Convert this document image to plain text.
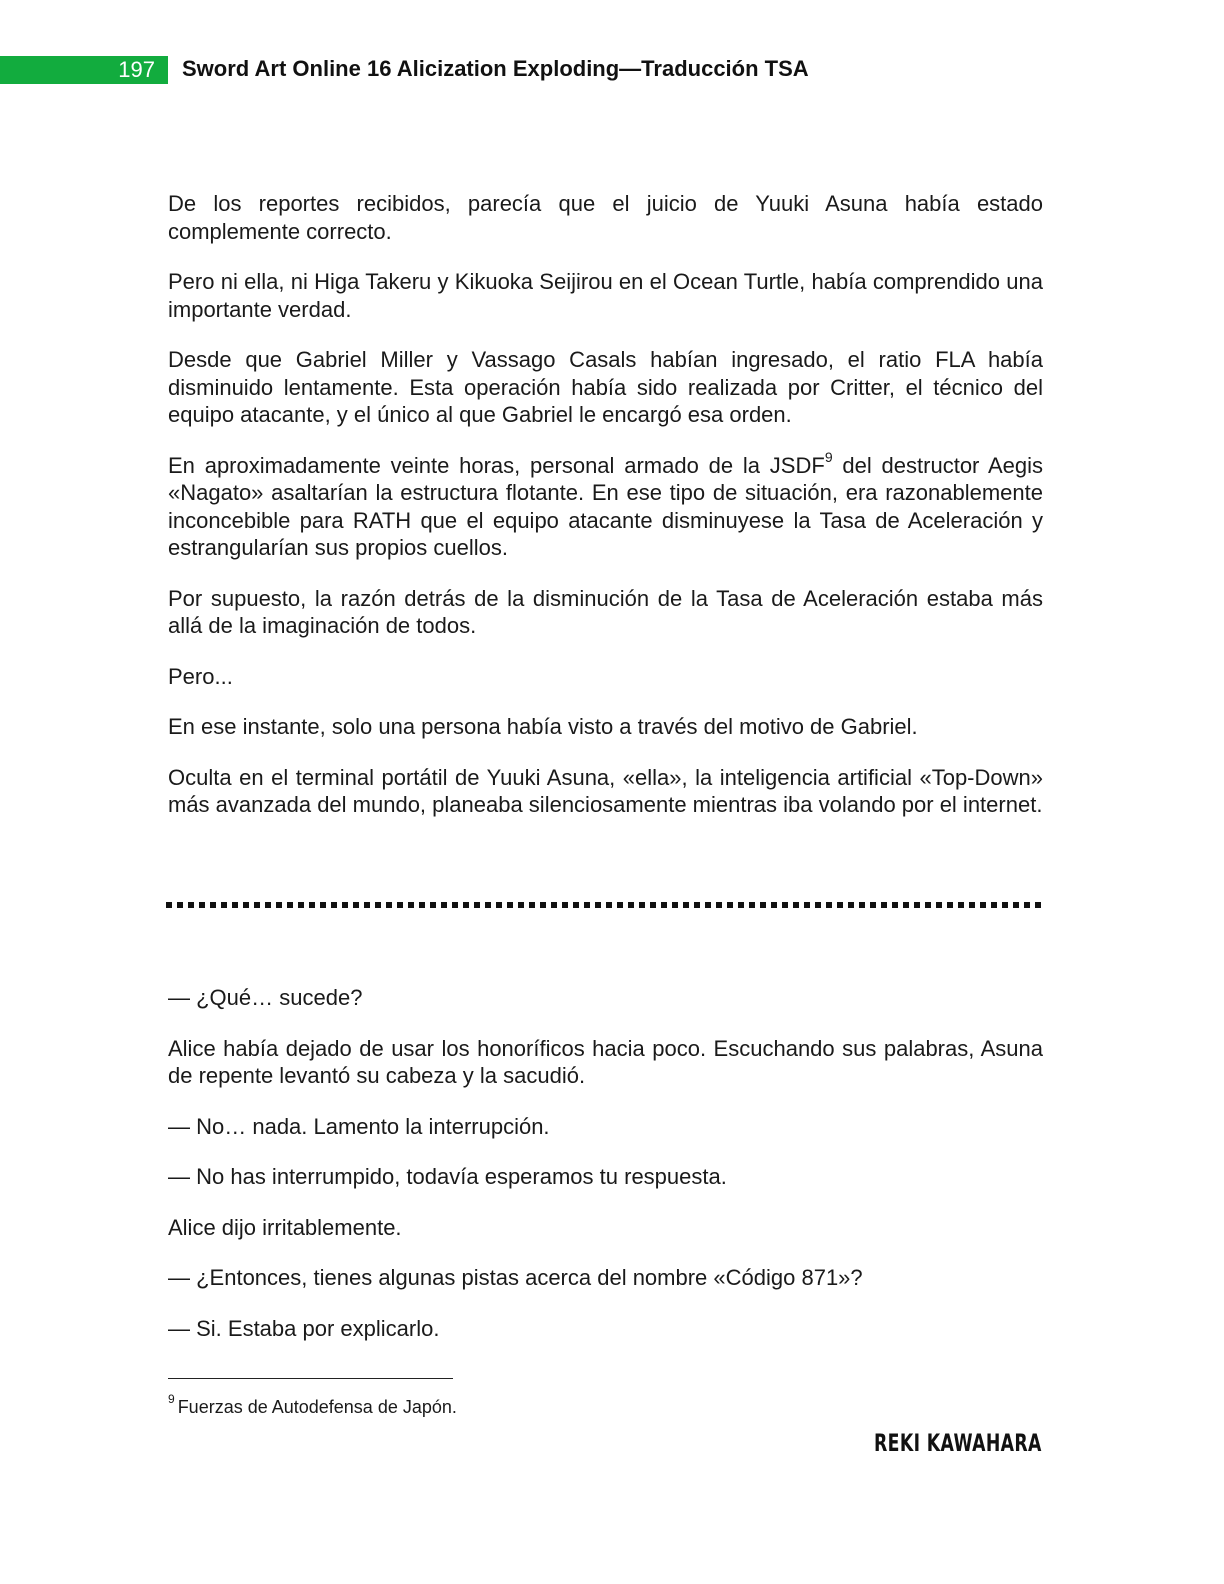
197 Sword Art Online 16 Alicization Exploding—Traducción TSA

De los reportes recibidos, parecía que el juicio de Yuuki Asuna había estado complemente correcto.

Pero ni ella, ni Higa Takeru y Kikuoka Seijirou en el Ocean Turtle, había comprendido una importante verdad.

Desde que Gabriel Miller y Vassago Casals habían ingresado, el ratio FLA había disminuido lentamente. Esta operación había sido realizada por Critter, el técnico del equipo atacante, y el único al que Gabriel le encargó esa orden.

En aproximadamente veinte horas, personal armado de la JSDF$^9$ del destructor Aegis «Nagato» asaltarían la estructura flotante. En ese tipo de situación, era razonablemente inconcebible para RATH que el equipo atacante disminuyese la Tasa de Aceleración y estrangularían sus propios cuellos.

Por supuesto, la razón detrás de la disminución de la Tasa de Aceleración estaba más allá de la imaginación de todos.

Pero...

En ese instante, solo una persona había visto a través del motivo de Gabriel.

Oculta en el terminal portátil de Yuuki Asuna, «ella», la inteligencia artificial «Top-Down» más avanzada del mundo, planeaba silenciosamente mientras iba volando por el internet.

— ¿Qué… sucede?

Alice había dejado de usar los honoríficos hacia poco. Escuchando sus palabras, Asuna de repente levantó su cabeza y la sacudió.

— No… nada. Lamento la interrupción.

— No has interrumpido, todavía esperamos tu respuesta.

Alice dijo irritablemente.

— ¿Entonces, tienes algunas pistas acerca del nombre «Código 871»?

— Si. Estaba por explicarlo.

$^9$ Fuerzas de Autodefensa de Japón.
REKI KAWAHARA
